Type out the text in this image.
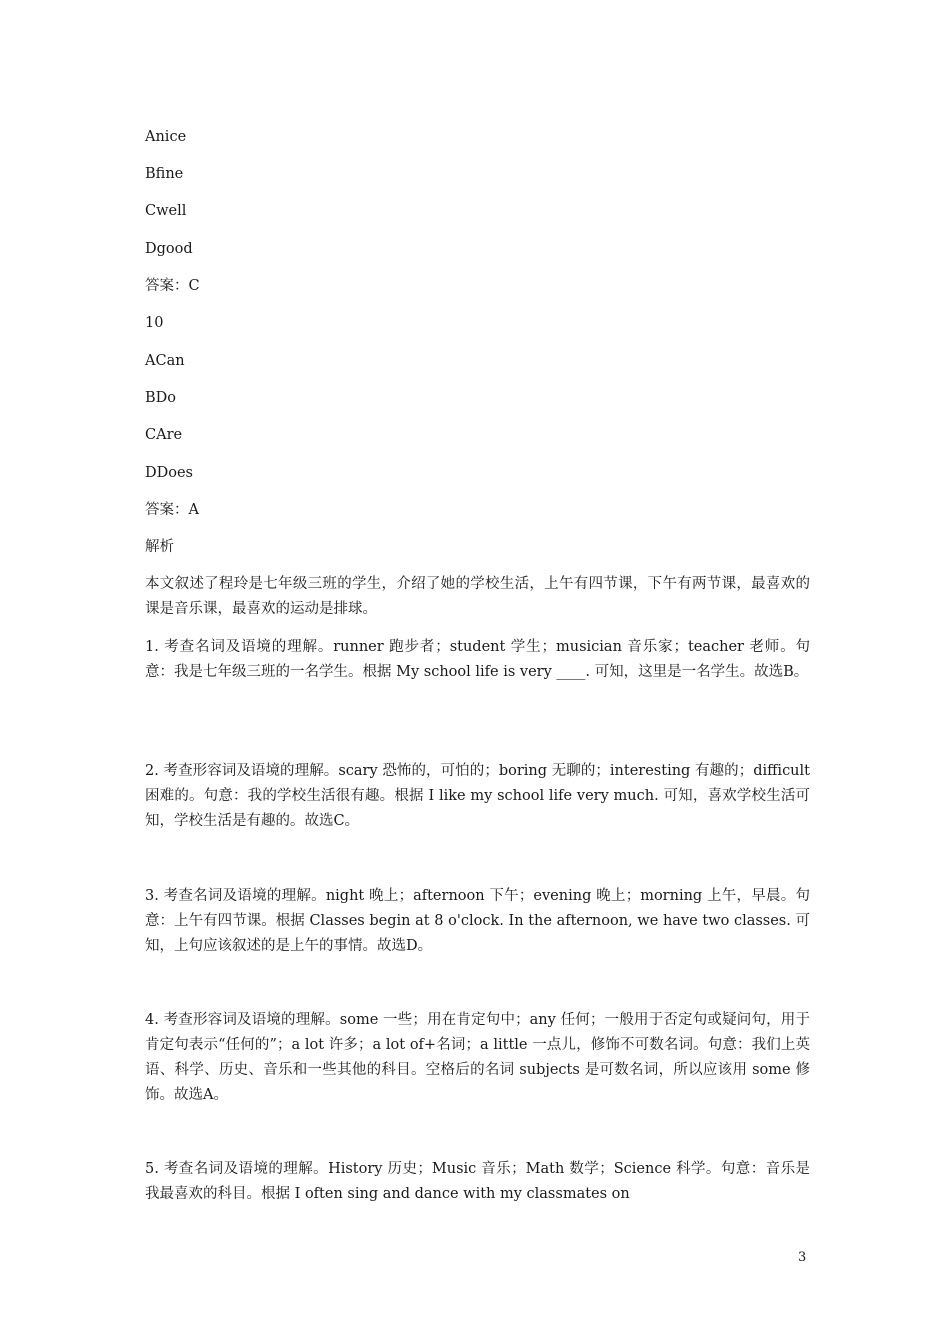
Anice
Bfine
Cwell
Dgood
答案：C
10
ACan
BDo
CAre
DDoes
答案：A
解析
本文叙述了程玲是七年级三班的学生，介绍了她的学校生活，上午有四节课，下午有两节课，最喜欢的课是音乐课，最喜欢的运动是排球。
1. 考查名词及语境的理解。runner 跑步者；student 学生；musician 音乐家；teacher 老师。句意：我是七年级三班的一名学生。根据 My school life is very ____. 可知，这里是一名学生。故选B。
2. 考查形容词及语境的理解。scary 恐怖的，可怕的；boring 无聊的；interesting 有趣的；difficult 困难的。句意：我的学校生活很有趣。根据 I like my school life very much. 可知，喜欢学校生活可知，学校生活是有趣的。故选C。
3. 考查名词及语境的理解。night 晚上；afternoon 下午；evening 晚上；morning 上午，早晨。句意：上午有四节课。根据 Classes begin at 8 o'clock. In the afternoon, we have two classes. 可知，上句应该叙述的是上午的事情。故选D。
4. 考查形容词及语境的理解。some 一些；用在肯定句中；any 任何；一般用于否定句或疑问句，用于肯定句表示“任何的”；a lot 许多；a lot of+名词；a little 一点儿，修饰不可数名词。句意：我们上英语、科学、历史、音乐和一些其他的科目。空格后的名词 subjects 是可数名词，所以应该用 some 修饰。故选A。
5. 考查名词及语境的理解。History 历史；Music 音乐；Math 数学；Science 科学。句意：音乐是我最喜欢的科目。根据 I often sing and dance with my classmates on
3
